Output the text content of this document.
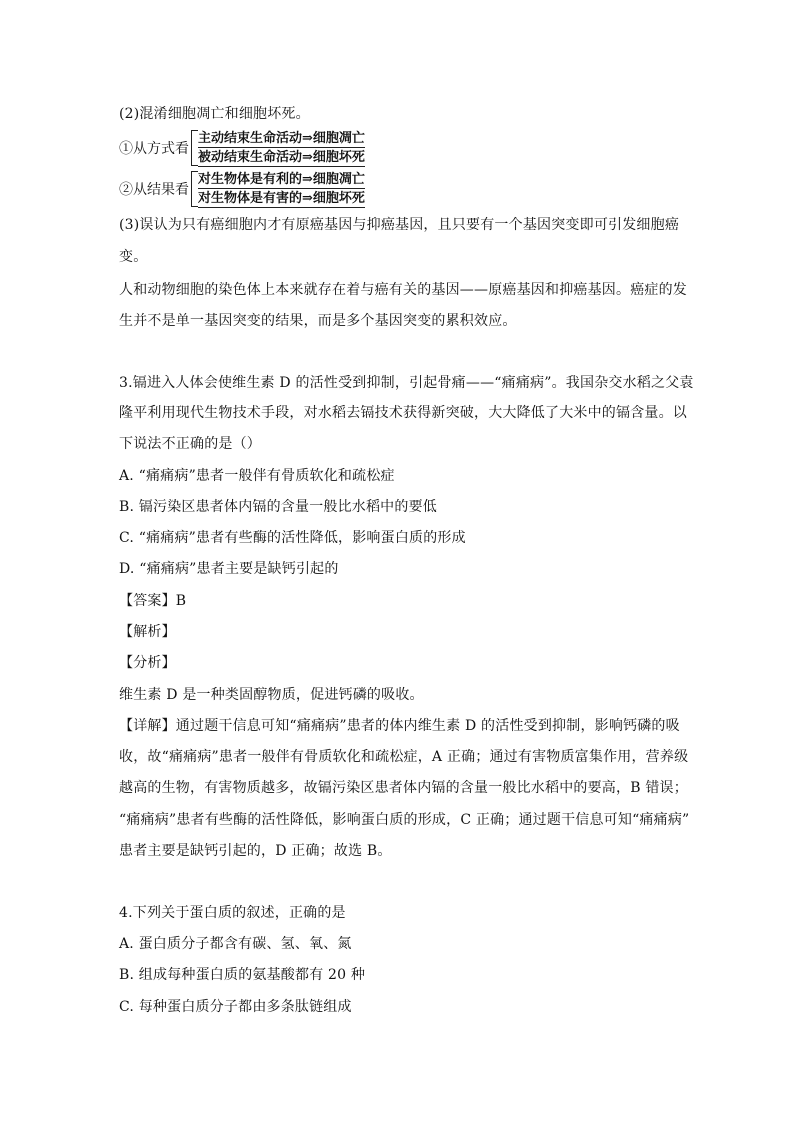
(2)混淆细胞凋亡和细胞坏死。
①从方式看
主动结束生命活动⇒细胞凋亡
被动结束生命活动⇒细胞坏死
②从结果看
对生物体是有利的⇒细胞凋亡
对生物体是有害的⇒细胞坏死
(3)误认为只有癌细胞内才有原癌基因与抑癌基因，且只要有一个基因突变即可引发细胞癌
变。
人和动物细胞的染色体上本来就存在着与癌有关的基因——原癌基因和抑癌基因。癌症的发
生并不是单一基因突变的结果，而是多个基因突变的累积效应。
3.镉进入人体会使维生素 D 的活性受到抑制，引起骨痛——“痛痛病”。我国杂交水稻之父袁
隆平利用现代生物技术手段，对水稻去镉技术获得新突破，大大降低了大米中的镉含量。以
下说法不正确的是（）
A. “痛痛病”患者一般伴有骨质软化和疏松症
B. 镉污染区患者体内镉的含量一般比水稻中的要低
C. “痛痛病”患者有些酶的活性降低，影响蛋白质的形成
D. “痛痛病”患者主要是缺钙引起的
【答案】B
【解析】
【分析】
维生素 D 是一种类固醇物质，促进钙磷的吸收。
【详解】通过题干信息可知“痛痛病”患者的体内维生素 D 的活性受到抑制，影响钙磷的吸
收，故“痛痛病”患者一般伴有骨质软化和疏松症，A 正确；通过有害物质富集作用，营养级
越高的生物，有害物质越多，故镉污染区患者体内镉的含量一般比水稻中的要高，B 错误；
“痛痛病”患者有些酶的活性降低，影响蛋白质的形成，C 正确；通过题干信息可知“痛痛病”
患者主要是缺钙引起的，D 正确；故选 B。
4.下列关于蛋白质的叙述，正确的是
A. 蛋白质分子都含有碳、氢、氧、氮
B. 组成每种蛋白质的氨基酸都有 20 种
C. 每种蛋白质分子都由多条肽链组成
